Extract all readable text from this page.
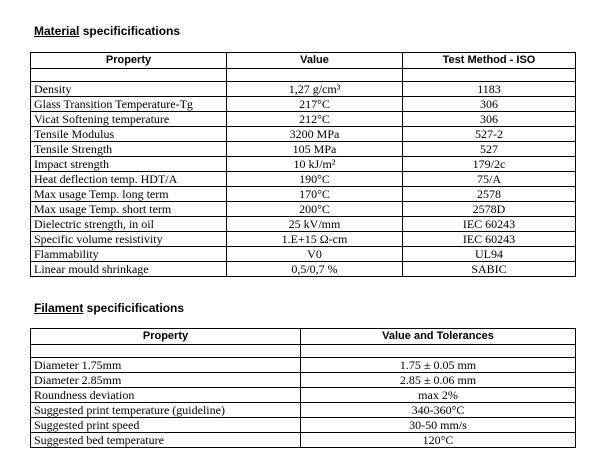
Material specificifications
Property	Value	Test Method - ISO

Density	1,27 g/cm³	1183
Glass Transition Temperature-Tg	217°C	306
Vicat Softening temperature	212°C	306
Tensile Modulus	3200 MPa	527-2
Tensile Strength	105 MPa	527
Impact strength	10 kJ/m²	179/2c
Heat deflection temp. HDT/A	190°C	75/A
Max usage Temp. long term	170°C	2578
Max usage Temp. short term	200°C	2578D
Dielectric strength, in oil	25 kV/mm	IEC 60243
Specific volume resistivity	1.E+15 Ω-cm	IEC 60243
Flammability	V0	UL94
Linear mould shrinkage	0,5/0,7 %	SABIC
Filament specificifications
Property	Value and Tolerances

Diameter 1.75mm	1.75 ± 0.05 mm
Diameter 2.85mm	2.85 ± 0.06 mm
Roundness deviation	max 2%
Suggested print temperature (guideline)	340-360°C
Suggested print speed	30-50 mm/s
Suggested bed temperature	120°C
